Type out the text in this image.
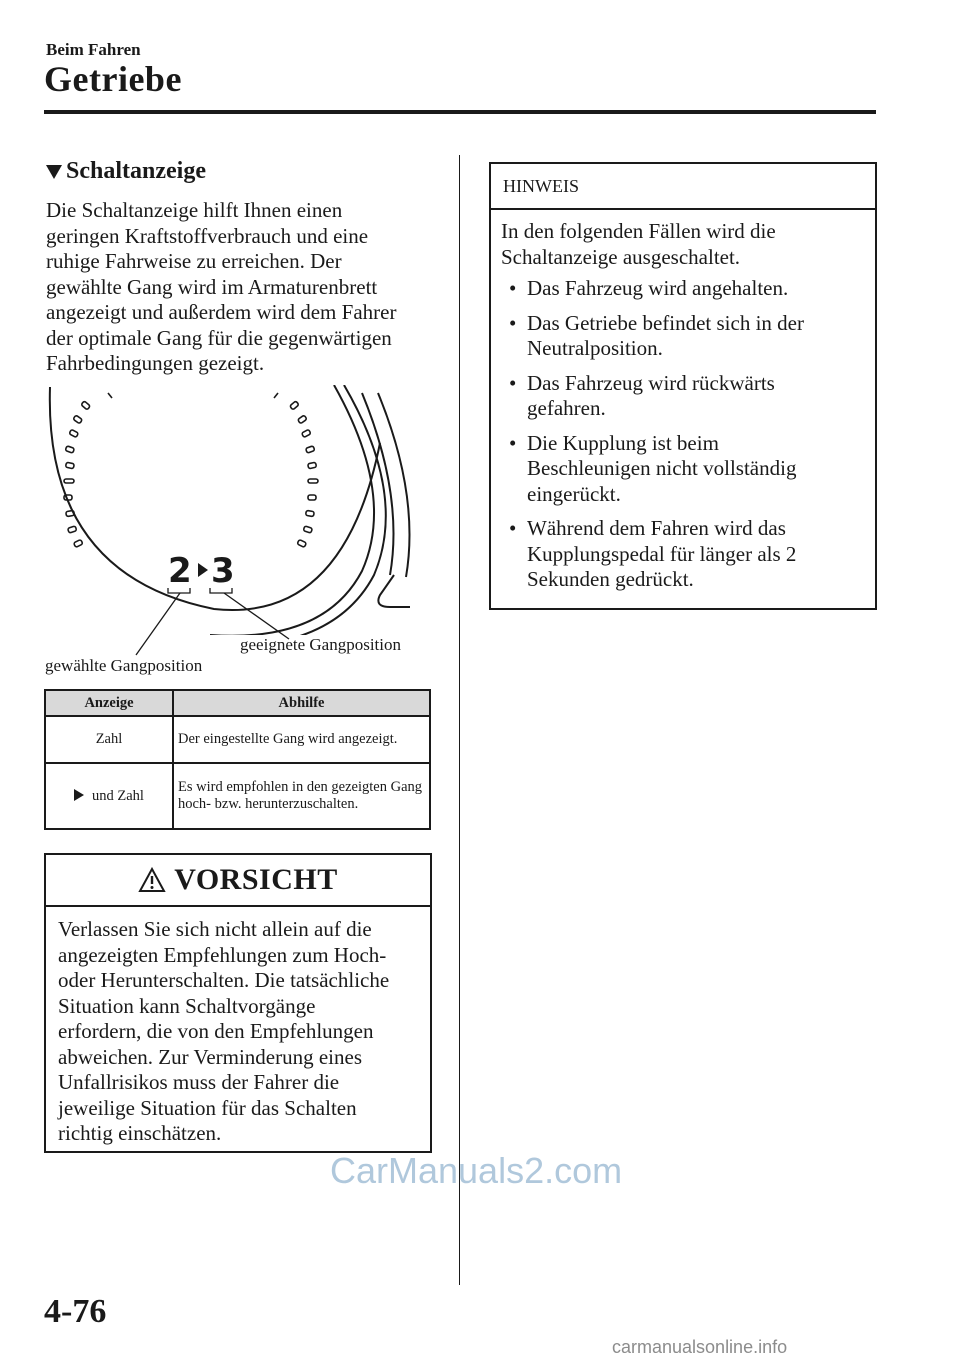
Beim Fahren
Getriebe
Schaltanzeige
Die Schaltanzeige hilft Ihnen einen
geringen Kraftstoffverbrauch und eine
ruhige Fahrweise zu erreichen. Der
gewählte Gang wird im Armaturenbrett
angezeigt und außerdem wird dem Fahrer
der optimale Gang für die gegenwärtigen
Fahrbedingungen gezeigt.
2 3
gewählte Gangposition
geeignete Gangposition
Anzeige	Abhilfe
Zahl	Der eingestellte Gang wird angezeigt.
und Zahl	Es wird empfohlen in den gezeigten Gang hoch- bzw. herunterzuschalten.
VORSICHT
Verlassen Sie sich nicht allein auf die
angezeigten Empfehlungen zum Hoch-
oder Herunterschalten. Die tatsächliche
Situation kann Schaltvorgänge
erfordern, die von den Empfehlungen
abweichen. Zur Verminderung eines
Unfallrisikos muss der Fahrer die
jeweilige Situation für das Schalten
richtig einschätzen.
HINWEIS
In den folgenden Fällen wird die
Schaltanzeige ausgeschaltet.
• Das Fahrzeug wird angehalten.
• Das Getriebe befindet sich in der
Neutralposition.
• Das Fahrzeug wird rückwärts
gefahren.
• Die Kupplung ist beim
Beschleunigen nicht vollständig
eingerückt.
• Während dem Fahren wird das
Kupplungspedal für länger als 2
Sekunden gedrückt.
CarManuals2.com
carmanualsonline.info
4-76
